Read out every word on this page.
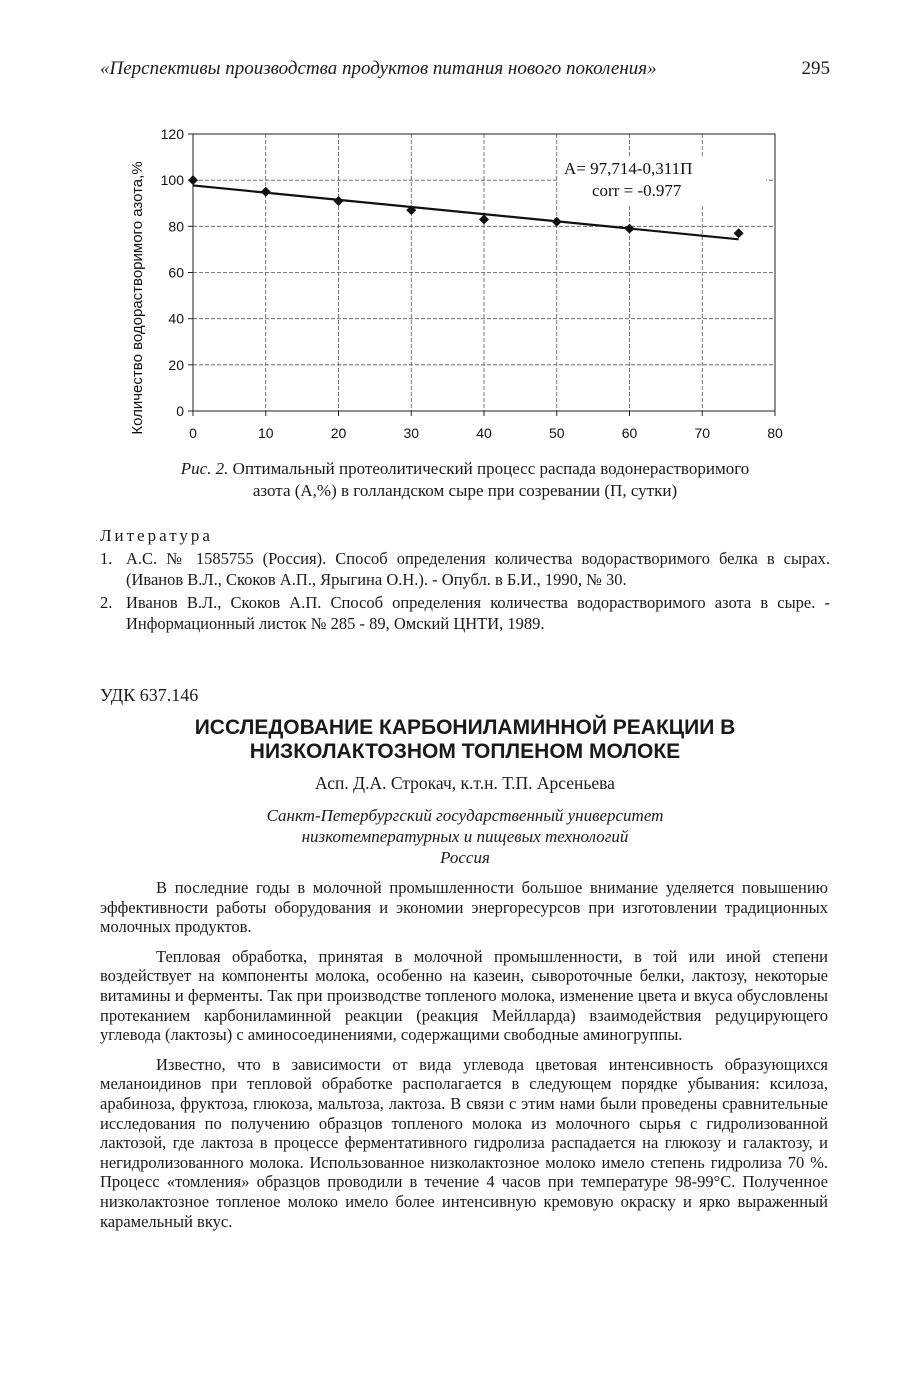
«Перспективы производства продуктов питания нового поколения»	295
0
20
40
60
80
100
120
0	10	20	30	40	50	60	70	80
Количество водорастворимого азота,%	А= 97,714-0,311П
corr = -0.977
Рис. 2. Оптимальный протеолитический процесс распада водонерастворимого
азота (А,%) в голландском сыре при созревании (П, сутки)
Литература
1. А.С. № 1585755 (Россия). Способ определения количества водорастворимого белка в сырах. (Иванов В.Л., Скоков А.П., Ярыгина О.Н.). - Опубл. в Б.И., 1990, № 30.
2. Иванов В.Л., Скоков А.П. Способ определения количества водорастворимого азота в сыре. - Информационный листок № 285 - 89, Омский ЦНТИ, 1989.
УДК 637.146
ИССЛЕДОВАНИЕ КАРБОНИЛАМИННОЙ РЕАКЦИИ В
НИЗКОЛАКТОЗНОМ ТОПЛЕНОМ МОЛОКЕ
Асп. Д.А. Строкач, к.т.н. Т.П. Арсеньева
Санкт-Петербургский государственный университет
низкотемпературных и пищевых технологий
Россия

В последние годы в молочной промышленности большое внимание уделяется повышению эффективности работы оборудования и экономии энергоресурсов при изготовлении традиционных молочных продуктов.

Тепловая обработка, принятая в молочной промышленности, в той или иной степени воздействует на компоненты молока, особенно на казеин, сывороточные белки, лактозу, некоторые витамины и ферменты. Так при производстве топленого молока, изменение цвета и вкуса обусловлены протеканием карбониламинной реакции (реакция Мейлларда) взаимодействия редуцирующего углевода (лактозы) с аминосоединениями, содержащими свободные аминогруппы.

Известно, что в зависимости от вида углевода цветовая интенсивность образующихся меланоидинов при тепловой обработке располагается в следующем порядке убывания: ксилоза, арабиноза, фруктоза, глюкоза, мальтоза, лактоза. В связи с этим нами были проведены сравнительные исследования по получению образцов топленого молока из молочного сырья с гидролизованной лактозой, где лактоза в процессе ферментативного гидролиза распадается на глюкозу и галактозу, и негидролизованного молока. Использованное низколактозное молоко имело степень гидролиза 70 %. Процесс «томления» образцов проводили в течение 4 часов при температуре 98-99°С. Полученное низколактозное топленое молоко имело более интенсивную кремовую окраску и ярко выраженный карамельный вкус.
